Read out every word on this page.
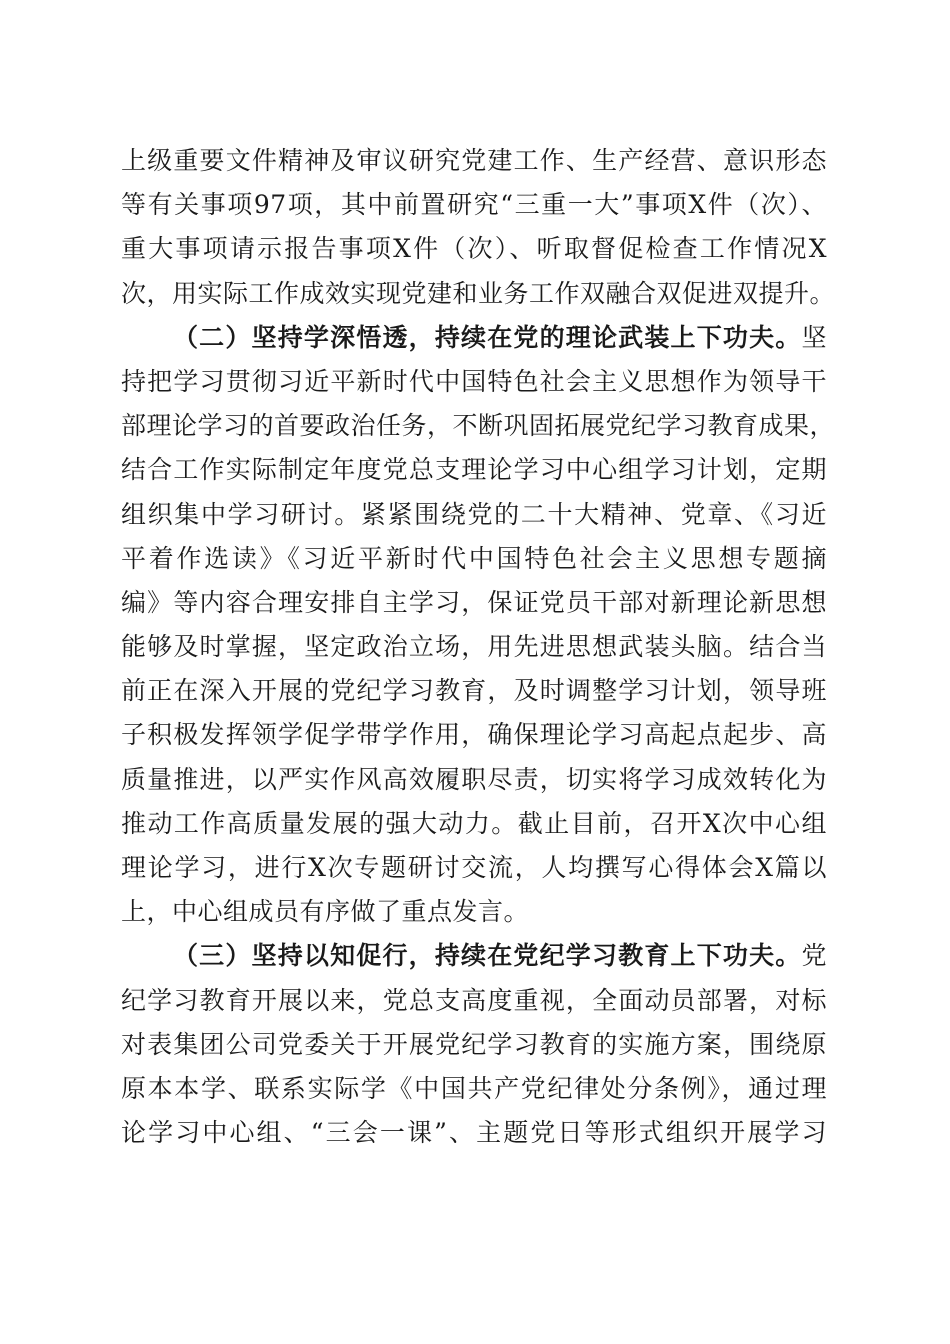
上级重要文件精神及审议研究党建工作、生产经营、意识形态
等有关事项97项，其中前置研究“三重一大”事项X件（次）、
重大事项请示报告事项X件（次）、听取督促检查工作情况X
次，用实际工作成效实现党建和业务工作双融合双促进双提升。
（二）坚持学深悟透，持续在党的理论武装上下功夫。坚
持把学习贯彻习近平新时代中国特色社会主义思想作为领导干
部理论学习的首要政治任务，不断巩固拓展党纪学习教育成果，
结合工作实际制定年度党总支理论学习中心组学习计划，定期
组织集中学习研讨。紧紧围绕党的二十大精神、党章、《习近
平着作选读》《习近平新时代中国特色社会主义思想专题摘
编》等内容合理安排自主学习，保证党员干部对新理论新思想
能够及时掌握，坚定政治立场，用先进思想武装头脑。结合当
前正在深入开展的党纪学习教育，及时调整学习计划，领导班
子积极发挥领学促学带学作用，确保理论学习高起点起步、高
质量推进，以严实作风高效履职尽责，切实将学习成效转化为
推动工作高质量发展的强大动力。截止目前，召开X次中心组
理论学习，进行X次专题研讨交流，人均撰写心得体会X篇以
上，中心组成员有序做了重点发言。
（三）坚持以知促行，持续在党纪学习教育上下功夫。党
纪学习教育开展以来，党总支高度重视，全面动员部署，对标
对表集团公司党委关于开展党纪学习教育的实施方案，围绕原
原本本学、联系实际学《中国共产党纪律处分条例》，通过理
论学习中心组、“三会一课”、主题党日等形式组织开展学习
